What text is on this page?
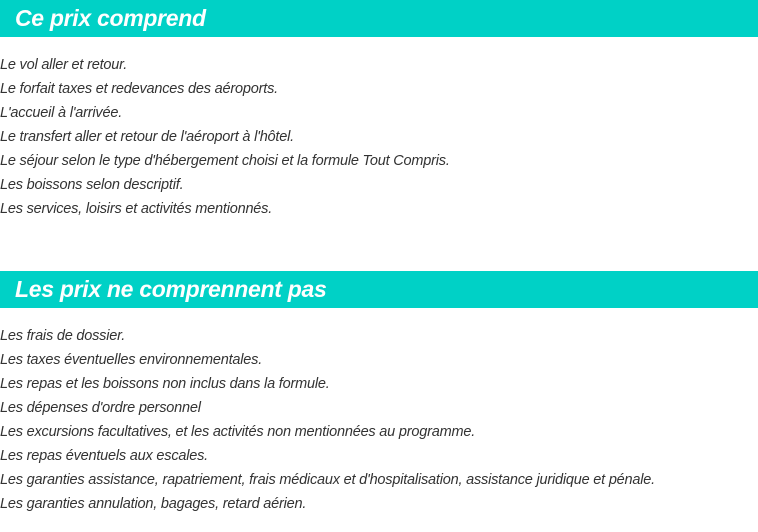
Ce prix comprend
Le vol aller et retour.
Le forfait taxes et redevances des aéroports.
L'accueil à l'arrivée.
Le transfert aller et retour de l'aéroport à l'hôtel.
Le séjour selon le type d'hébergement choisi et la formule Tout Compris.
Les boissons selon descriptif.
Les services, loisirs et activités mentionnés.
Les prix ne comprennent pas
Les frais de dossier.
Les taxes éventuelles environnementales.
Les repas et les boissons non inclus dans la formule.
Les dépenses d'ordre personnel
Les excursions facultatives, et les activités non mentionnées au programme.
Les repas éventuels aux escales.
Les garanties assistance, rapatriement, frais médicaux et d'hospitalisation, assistance juridique et pénale.
Les garanties annulation, bagages, retard aérien.
